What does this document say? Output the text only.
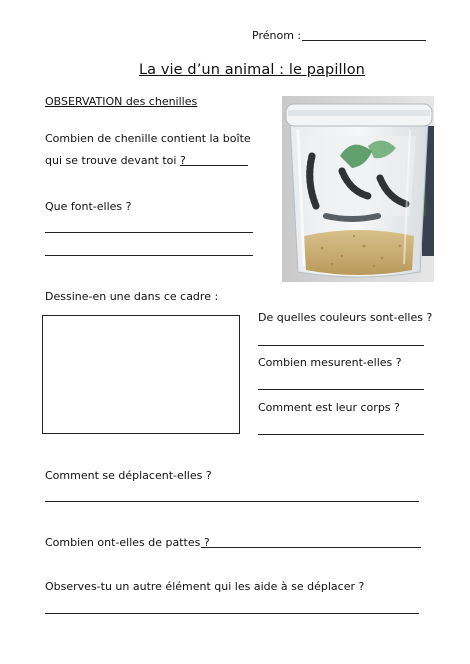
Prénom :
La vie d’un animal : le papillon
OBSERVATION des chenilles
Combien de chenille contient la boîte
qui se trouve devant toi ?
Que font-elles ?
Dessine-en une dans ce cadre :
De quelles couleurs sont-elles ?
Combien mesurent-elles ?
Comment est leur corps ?
Comment se déplacent-elles ?
Combien ont-elles de pattes ?
Observes-tu un autre élément qui les aide à se déplacer ?
